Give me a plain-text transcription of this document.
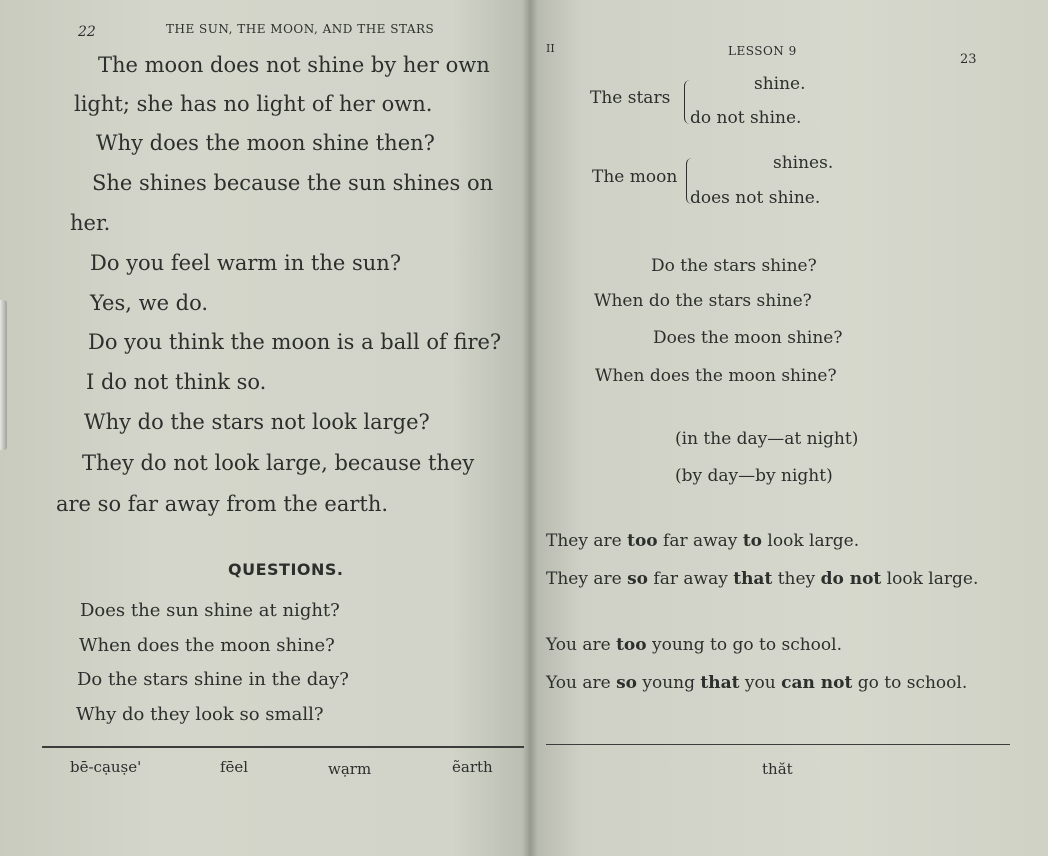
22	THE SUN, THE MOON, AND THE STARS
The moon does not shine by her own
light; she has no light of her own.
Why does the moon shine then?
She shines because the sun shines on
her.
Do you feel warm in the sun?
Yes, we do.
Do you think the moon is a ball of fire?
I do not think so.
Why do the stars not look large?
They do not look large, because they
are so far away from the earth.
QUESTIONS.
Does the sun shine at night?
When does the moon shine?
Do the stars shine in the day?
Why do they look so small?
bē-cạuṣe'	fēel	wạrm	ẽarth
II	LESSON 9
23
The stars
shine.
do not shine.
The moon
shines.
does not shine.
Do the stars shine?
When do the stars shine?
Does the moon shine?
When does the moon shine?
(in the day—at night)
(by day—by night)
They are too far away to look large.
They are so far away that they do not look large.
You are too young to go to school.
You are so young that you can not go to school.
thăt
